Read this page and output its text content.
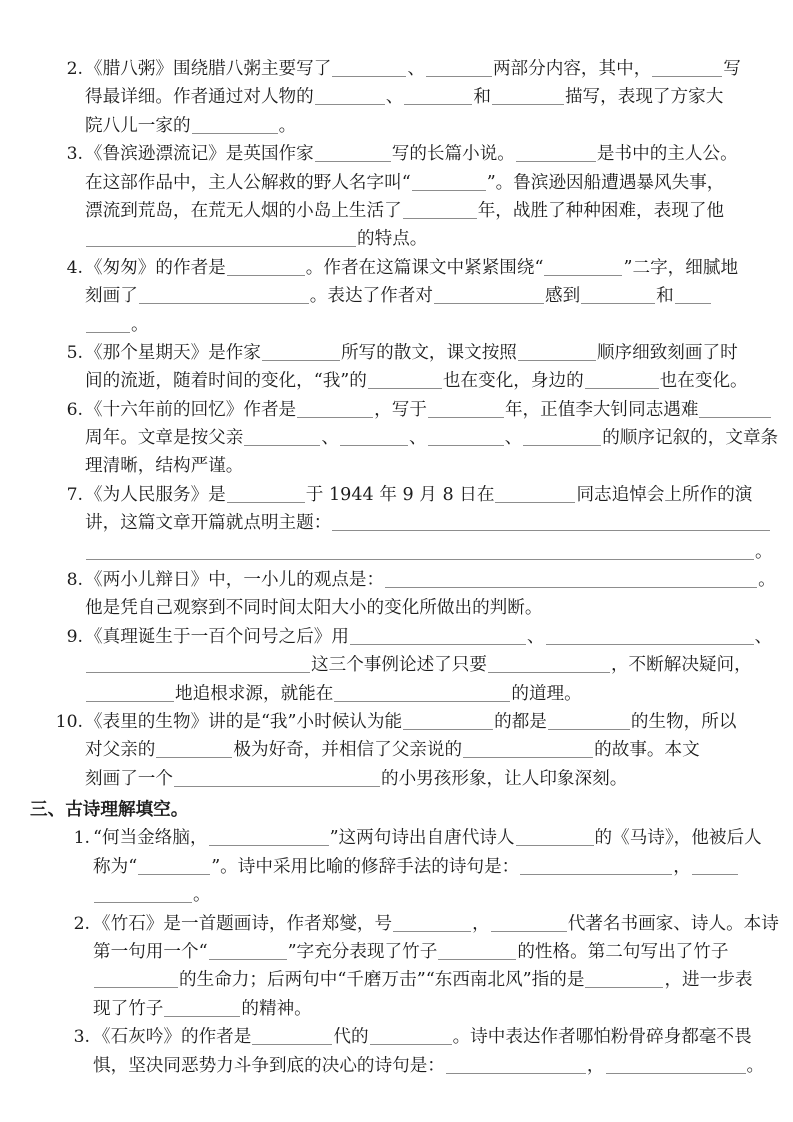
2. 《腊八粥》围绕腊八粥主要写了	、	两部分内容，其中，	写
得最详细。作者通过对人物的	、	和	描写，表现了方家大
院八儿一家的	。
3. 《鲁滨逊漂流记》是英国作家	写的长篇小说。	是书中的主人公。
在这部作品中，主人公解救的野人名字叫“	”。鲁滨逊因船遭遇暴风失事，
漂流到荒岛，在荒无人烟的小岛上生活了	年，战胜了种种困难，表现了他
的特点。
4. 《匆匆》的作者是	。作者在这篇课文中紧紧围绕“	”二字，细腻地
刻画了	。表达了作者对	感到	和
。
5. 《那个星期天》是作家	所写的散文，课文按照	顺序细致刻画了时
间的流逝，随着时间的变化，“我”的	也在变化，身边的	也在变化。
6. 《十六年前的回忆》作者是	，写于	年，正值李大钊同志遇难
周年。文章是按父亲	、	、	、	的顺序记叙的，文章条
理清晰，结构严谨。
7. 《为人民服务》是	于 1944 年 9 月 8 日在	同志追悼会上所作的演
讲，这篇文章开篇就点明主题：
。
8. 《两小儿辩日》中，一小儿的观点是：	。
他是凭自己观察到不同时间太阳大小的变化所做出的判断。
9. 《真理诞生于一百个问号之后》用	、	、
这三个事例论述了只要	，不断解决疑问，
地追根求源，就能在	的道理。
10. 《表里的生物》讲的是“我”小时候认为能	的都是	的生物，所以
对父亲的	极为好奇，并相信了父亲说的	的故事。本文
刻画了一个	的小男孩形象，让人印象深刻。
三、古诗理解填空。
1. “何当金络脑，	”这两句诗出自唐代诗人	的《马诗》，他被后人
称为“	”。诗中采用比喻的修辞手法的诗句是：	，
。
2. 《竹石》是一首题画诗，作者郑燮，号	，	代著名书画家、诗人。本诗
第一句用一个“	”字充分表现了竹子	的性格。第二句写出了竹子
的生命力；后两句中“千磨万击”“东西南北风”指的是	，进一步表
现了竹子	的精神。
3. 《石灰吟》的作者是	代的	。诗中表达作者哪怕粉骨碎身都毫不畏
惧，坚决同恶势力斗争到底的决心的诗句是：	，	。
